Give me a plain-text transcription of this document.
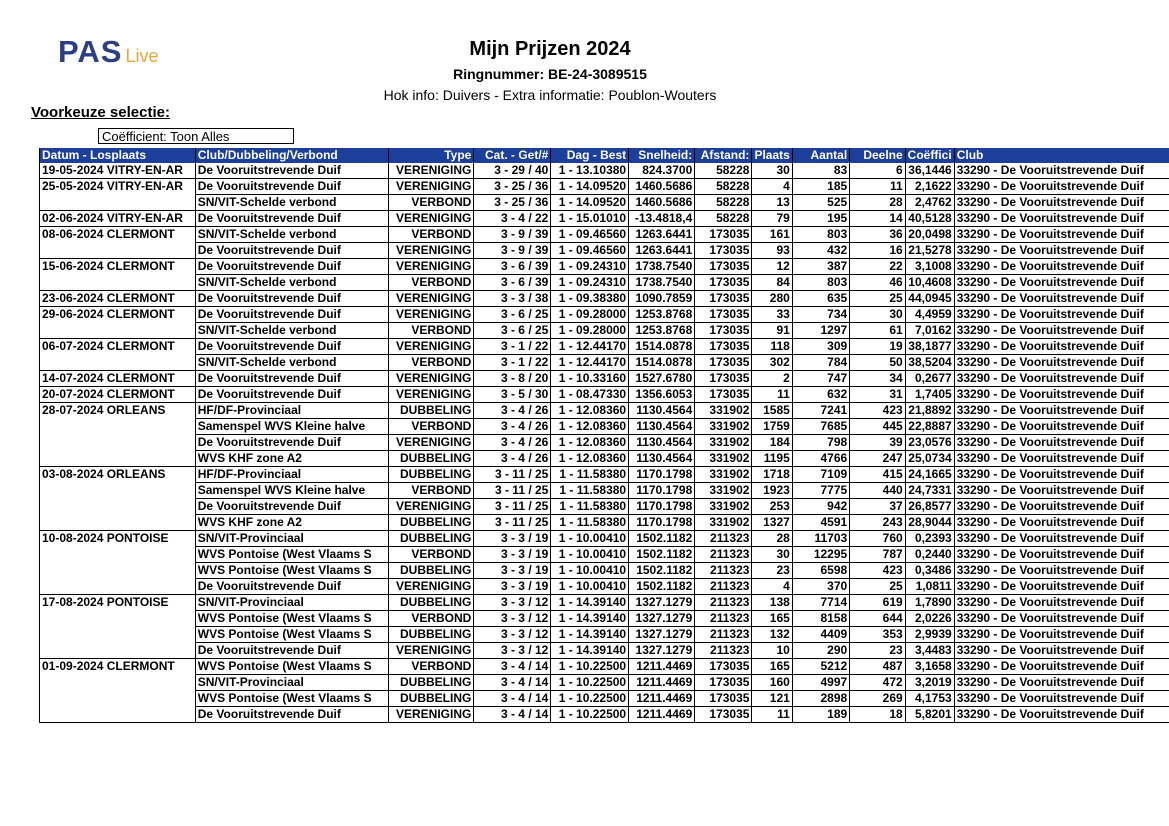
PAS Live	Mijn Prijzen 2024
Ringnummer: BE-24-3089515
Hok info: Duivers - Extra informatie: Poublon-Wouters
Voorkeuze selectie:
Coëfficient: Toon Alles
Datum - Losplaats	Club/Dubbeling/Verbond	Type	Cat. - Get/#	Dag - Best	Snelheid:	Afstand:	Plaats	Aantal	Deelne	Coëffici	Club
19-05-2024 VITRY-EN-AR	De Vooruitstrevende Duif	VERENIGING	3 - 29 / 40	1 - 13.10380	824.3700	58228	30	83	6	36,1446	33290 - De Vooruitstrevende Duif
25-05-2024 VITRY-EN-AR	De Vooruitstrevende Duif	VERENIGING	3 - 25 / 36	1 - 14.09520	1460.5686	58228	4	185	11	2,1622	33290 - De Vooruitstrevende Duif
	SN/VIT-Schelde verbond	VERBOND	3 - 25 / 36	1 - 14.09520	1460.5686	58228	13	525	28	2,4762	33290 - De Vooruitstrevende Duif
02-06-2024 VITRY-EN-AR	De Vooruitstrevende Duif	VERENIGING	3 - 4 / 22	1 - 15.01010	-13.4818,4	58228	79	195	14	40,5128	33290 - De Vooruitstrevende Duif
08-06-2024 CLERMONT	SN/VIT-Schelde verbond	VERBOND	3 - 9 / 39	1 - 09.46560	1263.6441	173035	161	803	36	20,0498	33290 - De Vooruitstrevende Duif
	De Vooruitstrevende Duif	VERENIGING	3 - 9 / 39	1 - 09.46560	1263.6441	173035	93	432	16	21,5278	33290 - De Vooruitstrevende Duif
15-06-2024 CLERMONT	De Vooruitstrevende Duif	VERENIGING	3 - 6 / 39	1 - 09.24310	1738.7540	173035	12	387	22	3,1008	33290 - De Vooruitstrevende Duif
	SN/VIT-Schelde verbond	VERBOND	3 - 6 / 39	1 - 09.24310	1738.7540	173035	84	803	46	10,4608	33290 - De Vooruitstrevende Duif
23-06-2024 CLERMONT	De Vooruitstrevende Duif	VERENIGING	3 - 3 / 38	1 - 09.38380	1090.7859	173035	280	635	25	44,0945	33290 - De Vooruitstrevende Duif
29-06-2024 CLERMONT	De Vooruitstrevende Duif	VERENIGING	3 - 6 / 25	1 - 09.28000	1253.8768	173035	33	734	30	4,4959	33290 - De Vooruitstrevende Duif
	SN/VIT-Schelde verbond	VERBOND	3 - 6 / 25	1 - 09.28000	1253.8768	173035	91	1297	61	7,0162	33290 - De Vooruitstrevende Duif
06-07-2024 CLERMONT	De Vooruitstrevende Duif	VERENIGING	3 - 1 / 22	1 - 12.44170	1514.0878	173035	118	309	19	38,1877	33290 - De Vooruitstrevende Duif
	SN/VIT-Schelde verbond	VERBOND	3 - 1 / 22	1 - 12.44170	1514.0878	173035	302	784	50	38,5204	33290 - De Vooruitstrevende Duif
14-07-2024 CLERMONT	De Vooruitstrevende Duif	VERENIGING	3 - 8 / 20	1 - 10.33160	1527.6780	173035	2	747	34	0,2677	33290 - De Vooruitstrevende Duif
20-07-2024 CLERMONT	De Vooruitstrevende Duif	VERENIGING	3 - 5 / 30	1 - 08.47330	1356.6053	173035	11	632	31	1,7405	33290 - De Vooruitstrevende Duif
28-07-2024 ORLEANS	HF/DF-Provinciaal	DUBBELING	3 - 4 / 26	1 - 12.08360	1130.4564	331902	1585	7241	423	21,8892	33290 - De Vooruitstrevende Duif
	Samenspel WVS Kleine halve	VERBOND	3 - 4 / 26	1 - 12.08360	1130.4564	331902	1759	7685	445	22,8887	33290 - De Vooruitstrevende Duif
	De Vooruitstrevende Duif	VERENIGING	3 - 4 / 26	1 - 12.08360	1130.4564	331902	184	798	39	23,0576	33290 - De Vooruitstrevende Duif
	WVS KHF zone A2	DUBBELING	3 - 4 / 26	1 - 12.08360	1130.4564	331902	1195	4766	247	25,0734	33290 - De Vooruitstrevende Duif
03-08-2024 ORLEANS	HF/DF-Provinciaal	DUBBELING	3 - 11 / 25	1 - 11.58380	1170.1798	331902	1718	7109	415	24,1665	33290 - De Vooruitstrevende Duif
	Samenspel WVS Kleine halve	VERBOND	3 - 11 / 25	1 - 11.58380	1170.1798	331902	1923	7775	440	24,7331	33290 - De Vooruitstrevende Duif
	De Vooruitstrevende Duif	VERENIGING	3 - 11 / 25	1 - 11.58380	1170.1798	331902	253	942	37	26,8577	33290 - De Vooruitstrevende Duif
	WVS KHF zone A2	DUBBELING	3 - 11 / 25	1 - 11.58380	1170.1798	331902	1327	4591	243	28,9044	33290 - De Vooruitstrevende Duif
10-08-2024 PONTOISE	SN/VIT-Provinciaal	DUBBELING	3 - 3 / 19	1 - 10.00410	1502.1182	211323	28	11703	760	0,2393	33290 - De Vooruitstrevende Duif
	WVS Pontoise (West Vlaams S	VERBOND	3 - 3 / 19	1 - 10.00410	1502.1182	211323	30	12295	787	0,2440	33290 - De Vooruitstrevende Duif
	WVS Pontoise (West Vlaams S	DUBBELING	3 - 3 / 19	1 - 10.00410	1502.1182	211323	23	6598	423	0,3486	33290 - De Vooruitstrevende Duif
	De Vooruitstrevende Duif	VERENIGING	3 - 3 / 19	1 - 10.00410	1502.1182	211323	4	370	25	1,0811	33290 - De Vooruitstrevende Duif
17-08-2024 PONTOISE	SN/VIT-Provinciaal	DUBBELING	3 - 3 / 12	1 - 14.39140	1327.1279	211323	138	7714	619	1,7890	33290 - De Vooruitstrevende Duif
	WVS Pontoise (West Vlaams S	VERBOND	3 - 3 / 12	1 - 14.39140	1327.1279	211323	165	8158	644	2,0226	33290 - De Vooruitstrevende Duif
	WVS Pontoise (West Vlaams S	DUBBELING	3 - 3 / 12	1 - 14.39140	1327.1279	211323	132	4409	353	2,9939	33290 - De Vooruitstrevende Duif
	De Vooruitstrevende Duif	VERENIGING	3 - 3 / 12	1 - 14.39140	1327.1279	211323	10	290	23	3,4483	33290 - De Vooruitstrevende Duif
01-09-2024 CLERMONT	WVS Pontoise (West Vlaams S	VERBOND	3 - 4 / 14	1 - 10.22500	1211.4469	173035	165	5212	487	3,1658	33290 - De Vooruitstrevende Duif
	SN/VIT-Provinciaal	DUBBELING	3 - 4 / 14	1 - 10.22500	1211.4469	173035	160	4997	472	3,2019	33290 - De Vooruitstrevende Duif
	WVS Pontoise (West Vlaams S	DUBBELING	3 - 4 / 14	1 - 10.22500	1211.4469	173035	121	2898	269	4,1753	33290 - De Vooruitstrevende Duif
	De Vooruitstrevende Duif	VERENIGING	3 - 4 / 14	1 - 10.22500	1211.4469	173035	11	189	18	5,8201	33290 - De Vooruitstrevende Duif
